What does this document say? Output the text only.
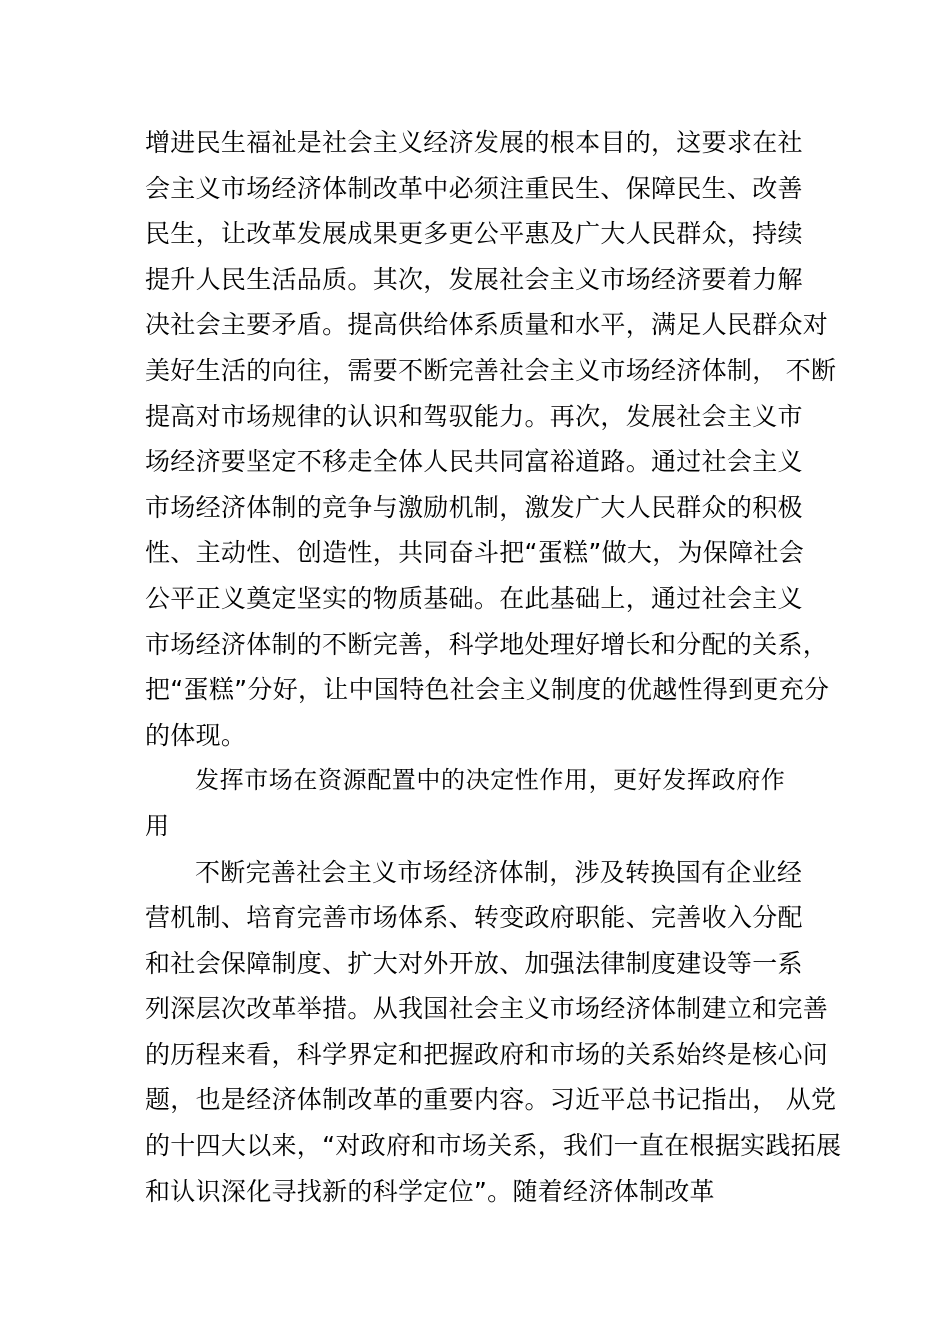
增进民生福祉是社会主义经济发展的根本目的，这要求在社
会主义市场经济体制改革中必须注重民生、保障民生、改善
民生，让改革发展成果更多更公平惠及广大人民群众，持续
提升人民生活品质。其次，发展社会主义市场经济要着力解
决社会主要矛盾。提高供给体系质量和水平，满足人民群众对
美好生活的向往，需要不断完善社会主义市场经济体制， 不断
提高对市场规律的认识和驾驭能力。再次，发展社会主义市
场经济要坚定不移走全体人民共同富裕道路。通过社会主义
市场经济体制的竞争与激励机制，激发广大人民群众的积极
性、主动性、创造性，共同奋斗把“蛋糕”做大，为保障社会
公平正义奠定坚实的物质基础。在此基础上，通过社会主义
市场经济体制的不断完善，科学地处理好增长和分配的关系，
把“蛋糕”分好，让中国特色社会主义制度的优越性得到更充分
的体现。
发挥市场在资源配置中的决定性作用，更好发挥政府作
用
不断完善社会主义市场经济体制，涉及转换国有企业经
营机制、培育完善市场体系、转变政府职能、完善收入分配
和社会保障制度、扩大对外开放、加强法律制度建设等一系
列深层次改革举措。从我国社会主义市场经济体制建立和完善
的历程来看，科学界定和把握政府和市场的关系始终是核心问
题，也是经济体制改革的重要内容。习近平总书记指出， 从党
的十四大以来，“对政府和市场关系，我们一直在根据实践拓展
和认识深化寻找新的科学定位”。随着经济体制改革
